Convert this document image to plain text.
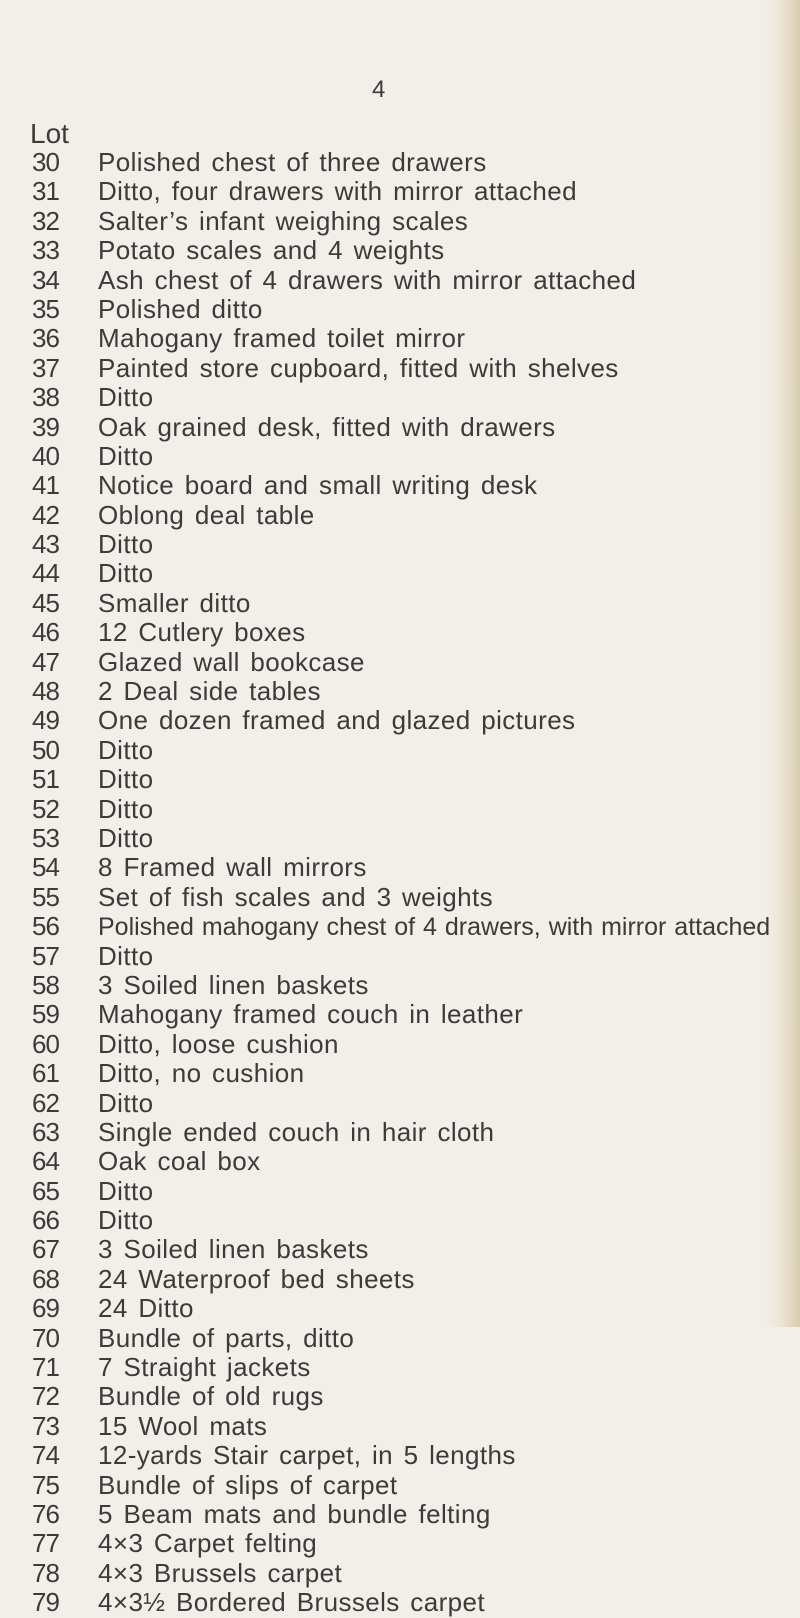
4
Lot
30	Polished chest of three drawers
31	Ditto, four drawers with mirror attached
32	Salter’s infant weighing scales
33	Potato scales and 4 weights
34	Ash chest of 4 drawers with mirror attached
35	Polished ditto
36	Mahogany framed toilet mirror
37	Painted store cupboard, fitted with shelves
38	Ditto
39	Oak grained desk, fitted with drawers
40	Ditto
41	Notice board and small writing desk
42	Oblong deal table
43	Ditto
44	Ditto
45	Smaller ditto
46	12 Cutlery boxes
47	Glazed wall bookcase
48	2 Deal side tables
49	One dozen framed and glazed pictures
50	Ditto
51	Ditto
52	Ditto
53	Ditto
54	8 Framed wall mirrors
55	Set of fish scales and 3 weights
56	Polished mahogany chest of 4 drawers, with mirror attached
57	Ditto
58	3 Soiled linen baskets
59	Mahogany framed couch in leather
60	Ditto, loose cushion
61	Ditto, no cushion
62	Ditto
63	Single ended couch in hair cloth
64	Oak coal box
65	Ditto
66	Ditto
67	3 Soiled linen baskets
68	24 Waterproof bed sheets
69	24 Ditto
70	Bundle of parts, ditto
71	7 Straight jackets
72	Bundle of old rugs
73	15 Wool mats
74	12-yards Stair carpet, in 5 lengths
75	Bundle of slips of carpet
76	5 Beam mats and bundle felting
77	4×3 Carpet felting
78	4×3 Brussels carpet
79	4×3½ Bordered Brussels carpet
